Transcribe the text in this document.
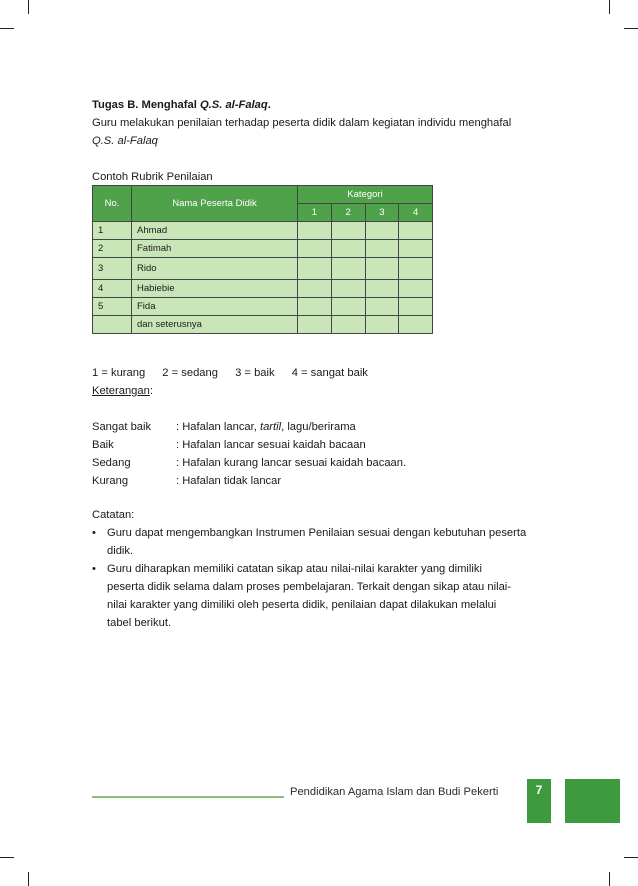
Tugas B. Menghafal Q.S. al-Falaq.
Guru melakukan penilaian terhadap peserta didik dalam kegiatan individu menghafal
Q.S. al-Falaq
Contoh Rubrik Penilaian
No.	Nama Peserta Didik	Kategori			
		1	2	3	4
1	Ahmad				
2	Fatimah				
3	Rido				
4	Habiebie				
5	Fida				
	dan seterusnya				
1 = kurang 2 = sedang 3 = baik 4 = sangat baik
Keterangan:
Sangat baik	: Hafalan lancar, tartīl, lagu/berirama
Baik	: Hafalan lancar sesuai kaidah bacaan
Sedang	: Hafalan kurang lancar sesuai kaidah bacaan.
Kurang	: Hafalan tidak lancar
Catatan:
• Guru dapat mengembangkan Instrumen Penilaian sesuai dengan kebutuhan peserta
didik.
• Guru diharapkan memiliki catatan sikap atau nilai-nilai karakter yang dimiliki
peserta didik selama dalam proses pembelajaran. Terkait dengan sikap atau nilai-
nilai karakter yang dimiliki oleh peserta didik, penilaian dapat dilakukan melalui
tabel berikut.
Pendidikan Agama Islam dan Budi Pekerti	7
